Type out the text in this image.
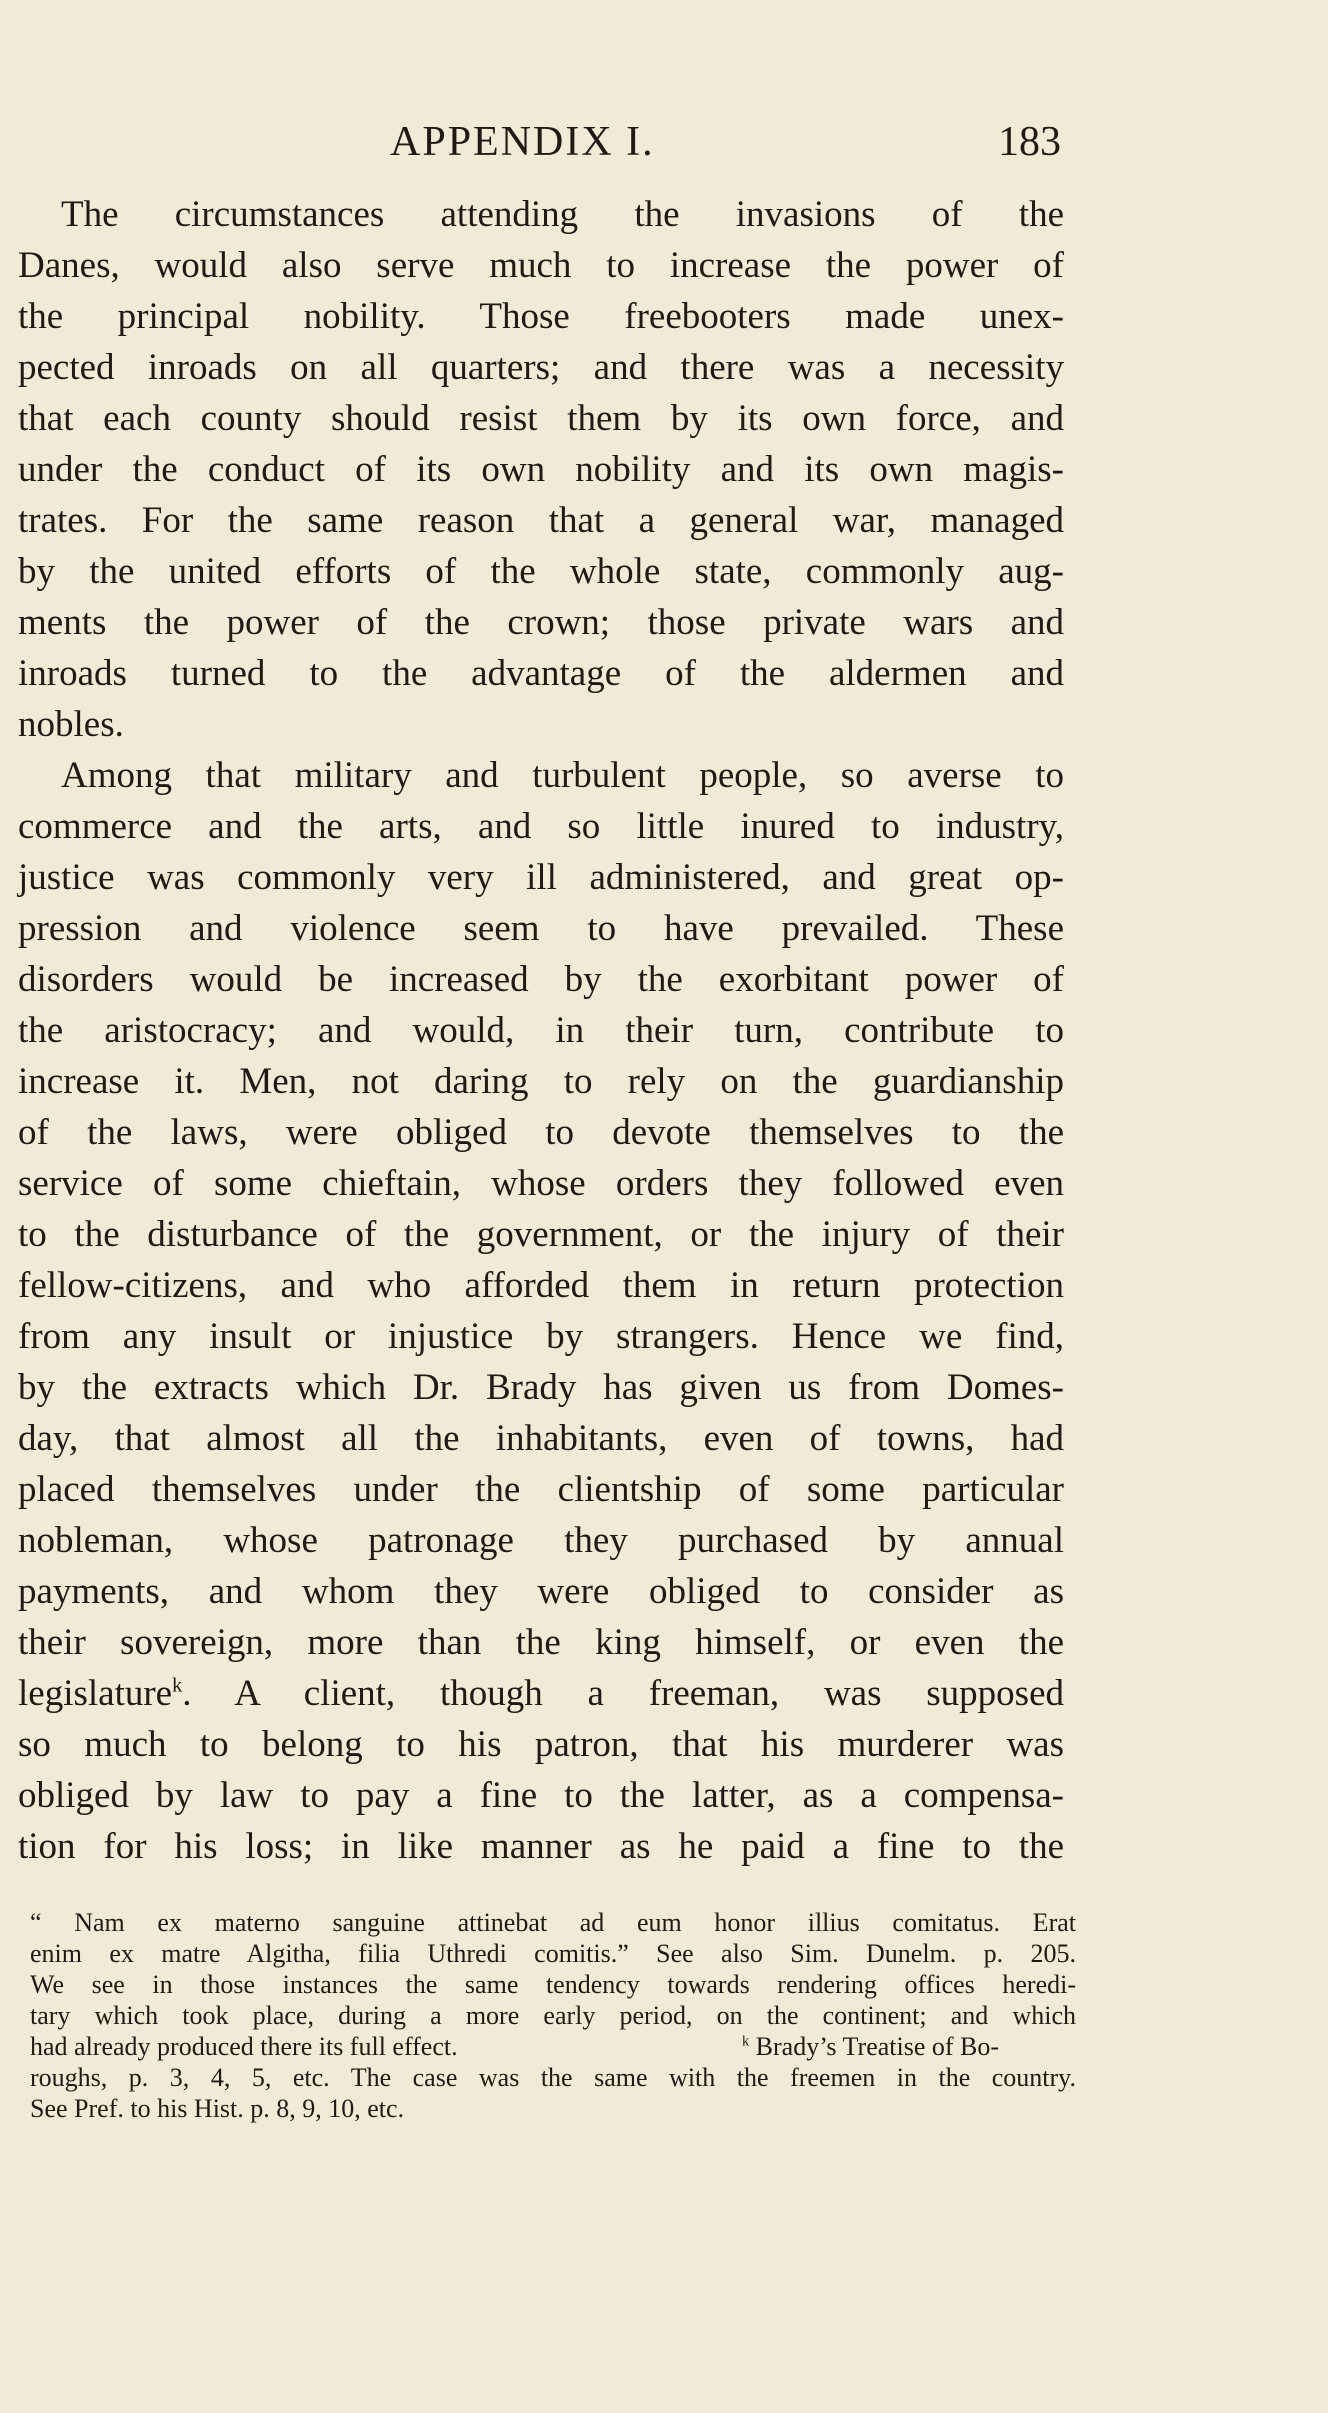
APPENDIX I.	183
The circumstances attending the invasions of the
Danes, would also serve much to increase the power of
the principal nobility. Those freebooters made unex-
pected inroads on all quarters; and there was a necessity
that each county should resist them by its own force, and
under the conduct of its own nobility and its own magis-
trates. For the same reason that a general war, managed
by the united efforts of the whole state, commonly aug-
ments the power of the crown; those private wars and
inroads turned to the advantage of the aldermen and
nobles.
Among that military and turbulent people, so averse to
commerce and the arts, and so little inured to industry,
justice was commonly very ill administered, and great op-
pression and violence seem to have prevailed. These
disorders would be increased by the exorbitant power of
the aristocracy; and would, in their turn, contribute to
increase it. Men, not daring to rely on the guardianship
of the laws, were obliged to devote themselves to the
service of some chieftain, whose orders they followed even
to the disturbance of the government, or the injury of their
fellow-citizens, and who afforded them in return protection
from any insult or injustice by strangers. Hence we find,
by the extracts which Dr. Brady has given us from Domes-
day, that almost all the inhabitants, even of towns, had
placed themselves under the clientship of some particular
nobleman, whose patronage they purchased by annual
payments, and whom they were obliged to consider as
their sovereign, more than the king himself, or even the
legislature$^k$. A client, though a freeman, was supposed
so much to belong to his patron, that his murderer was
obliged by law to pay a fine to the latter, as a compensa-
tion for his loss; in like manner as he paid a fine to the
“ Nam ex materno sanguine attinebat ad eum honor illius comitatus. Erat
enim ex matre Algitha, filia Uthredi comitis.” See also Sim. Dunelm. p. 205.
We see in those instances the same tendency towards rendering offices heredi-
tary which took place, during a more early period, on the continent; and which
had already produced there its full effect.	$^k$ Brady’s Treatise of Bo-
roughs, p. 3, 4, 5, etc. The case was the same with the freemen in the country.
See Pref. to his Hist. p. 8, 9, 10, etc.
